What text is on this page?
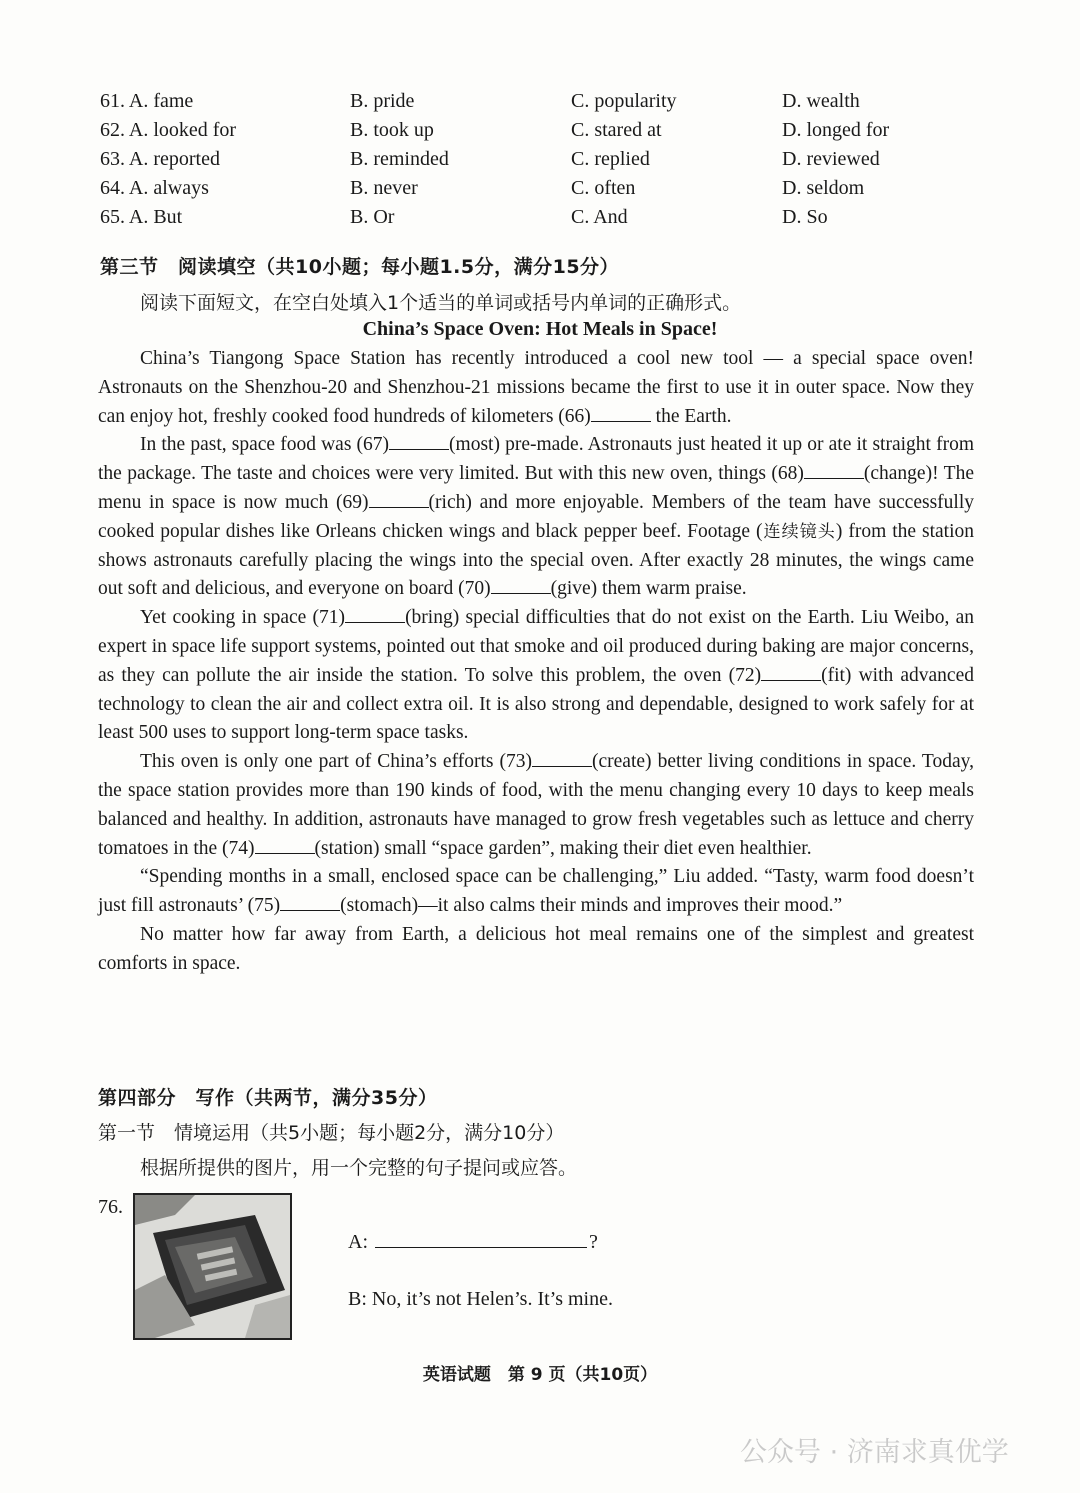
61. A. fame	B. pride	C. popularity	D. wealth
62. A. looked for	B. took up	C. stared at	D. longed for
63. A. reported	B. reminded	C. replied	D. reviewed
64. A. always	B. never	C. often	D. seldom
65. A. But	B. Or	C. And	D. So
第三节　阅读填空（共10小题；每小题1.5分，满分15分）
阅读下面短文，在空白处填入1个适当的单词或括号内单词的正确形式。
China’s Space Oven: Hot Meals in Space!

China’s Tiangong Space Station has recently introduced a cool new tool — a special space oven! Astronauts on the Shenzhou-20 and Shenzhou-21 missions became the first to use it in outer space. Now they can enjoy hot, freshly cooked food hundreds of kilometers (66)	the Earth.

In the past, space food was (67)	(most) pre-made. Astronauts just heated it up or ate it straight from the package. The taste and choices were very limited. But with this new oven, things (68)	(change)! The menu in space is now much (69)	(rich) and more enjoyable. Members of the team have successfully cooked popular dishes like Orleans chicken wings and black pepper beef. Footage (连续镜头) from the station shows astronauts carefully placing the wings into the special oven. After exactly 28 minutes, the wings came out soft and delicious, and everyone on board (70)	(give) them warm praise.

Yet cooking in space (71)	(bring) special difficulties that do not exist on the Earth. Liu Weibo, an expert in space life support systems, pointed out that smoke and oil produced during baking are major concerns, as they can pollute the air inside the station. To solve this problem, the oven (72)	(fit) with advanced technology to clean the air and collect extra oil. It is also strong and dependable, designed to work safely for at least 500 uses to support long-term space tasks.

This oven is only one part of China’s efforts (73)	(create) better living conditions in space. Today, the space station provides more than 190 kinds of food, with the menu changing every 10 days to keep meals balanced and healthy. In addition, astronauts have managed to grow fresh vegetables such as lettuce and cherry tomatoes in the (74)	(station) small “space garden”, making their diet even healthier.

“Spending months in a small, enclosed space can be challenging,” Liu added. “Tasty, warm food doesn’t just fill astronauts’ (75)	(stomach)—it also calms their minds and improves their mood.”

No matter how far away from Earth, a delicious hot meal remains one of the simplest and greatest comforts in space.

第四部分　写作（共两节，满分35分）
第一节　情境运用（共5小题；每小题2分，满分10分）
根据所提供的图片，用一个完整的句子提问或应答。
76.
A:	?
B: No, it’s not Helen’s. It’s mine.
英语试题　第 9 页（共10页）
公众号 · 济南求真优学
